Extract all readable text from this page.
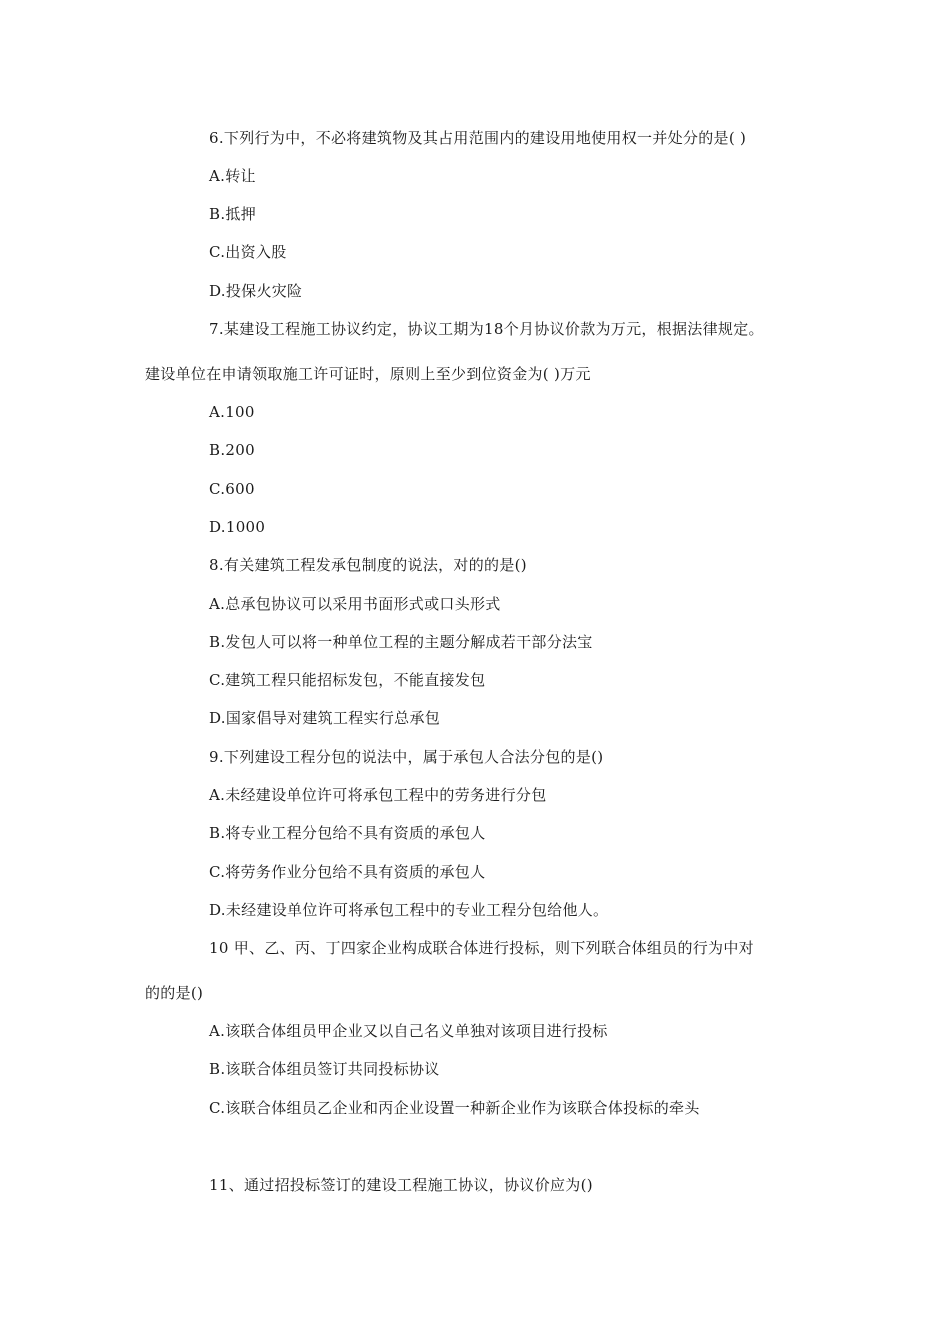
6.下列行为中，不必将建筑物及其占用范围内的建设用地使用权一并处分的是( )
A.转让
B.抵押
C.出资入股
D.投保火灾险
7.某建设工程施工协议约定，协议工期为18个月协议价款为万元，根据法律规定。
建设单位在申请领取施工许可证时，原则上至少到位资金为( )万元
A.100
B.200
C.600
D.1000
8.有关建筑工程发承包制度的说法，对的的是()
A.总承包协议可以采用书面形式或口头形式
B.发包人可以将一种单位工程的主题分解成若干部分法宝
C.建筑工程只能招标发包，不能直接发包
D.国家倡导对建筑工程实行总承包
9.下列建设工程分包的说法中，属于承包人合法分包的是()
A.未经建设单位许可将承包工程中的劳务进行分包
B.将专业工程分包给不具有资质的承包人
C.将劳务作业分包给不具有资质的承包人
D.未经建设单位许可将承包工程中的专业工程分包给他人。
10 甲、乙、丙、丁四家企业构成联合体进行投标，则下列联合体组员的行为中对
的的是()
A.该联合体组员甲企业又以自己名义单独对该项目进行投标
B.该联合体组员签订共同投标协议
C.该联合体组员乙企业和丙企业设置一种新企业作为该联合体投标的牵头
11、通过招投标签订的建设工程施工协议，协议价应为()
